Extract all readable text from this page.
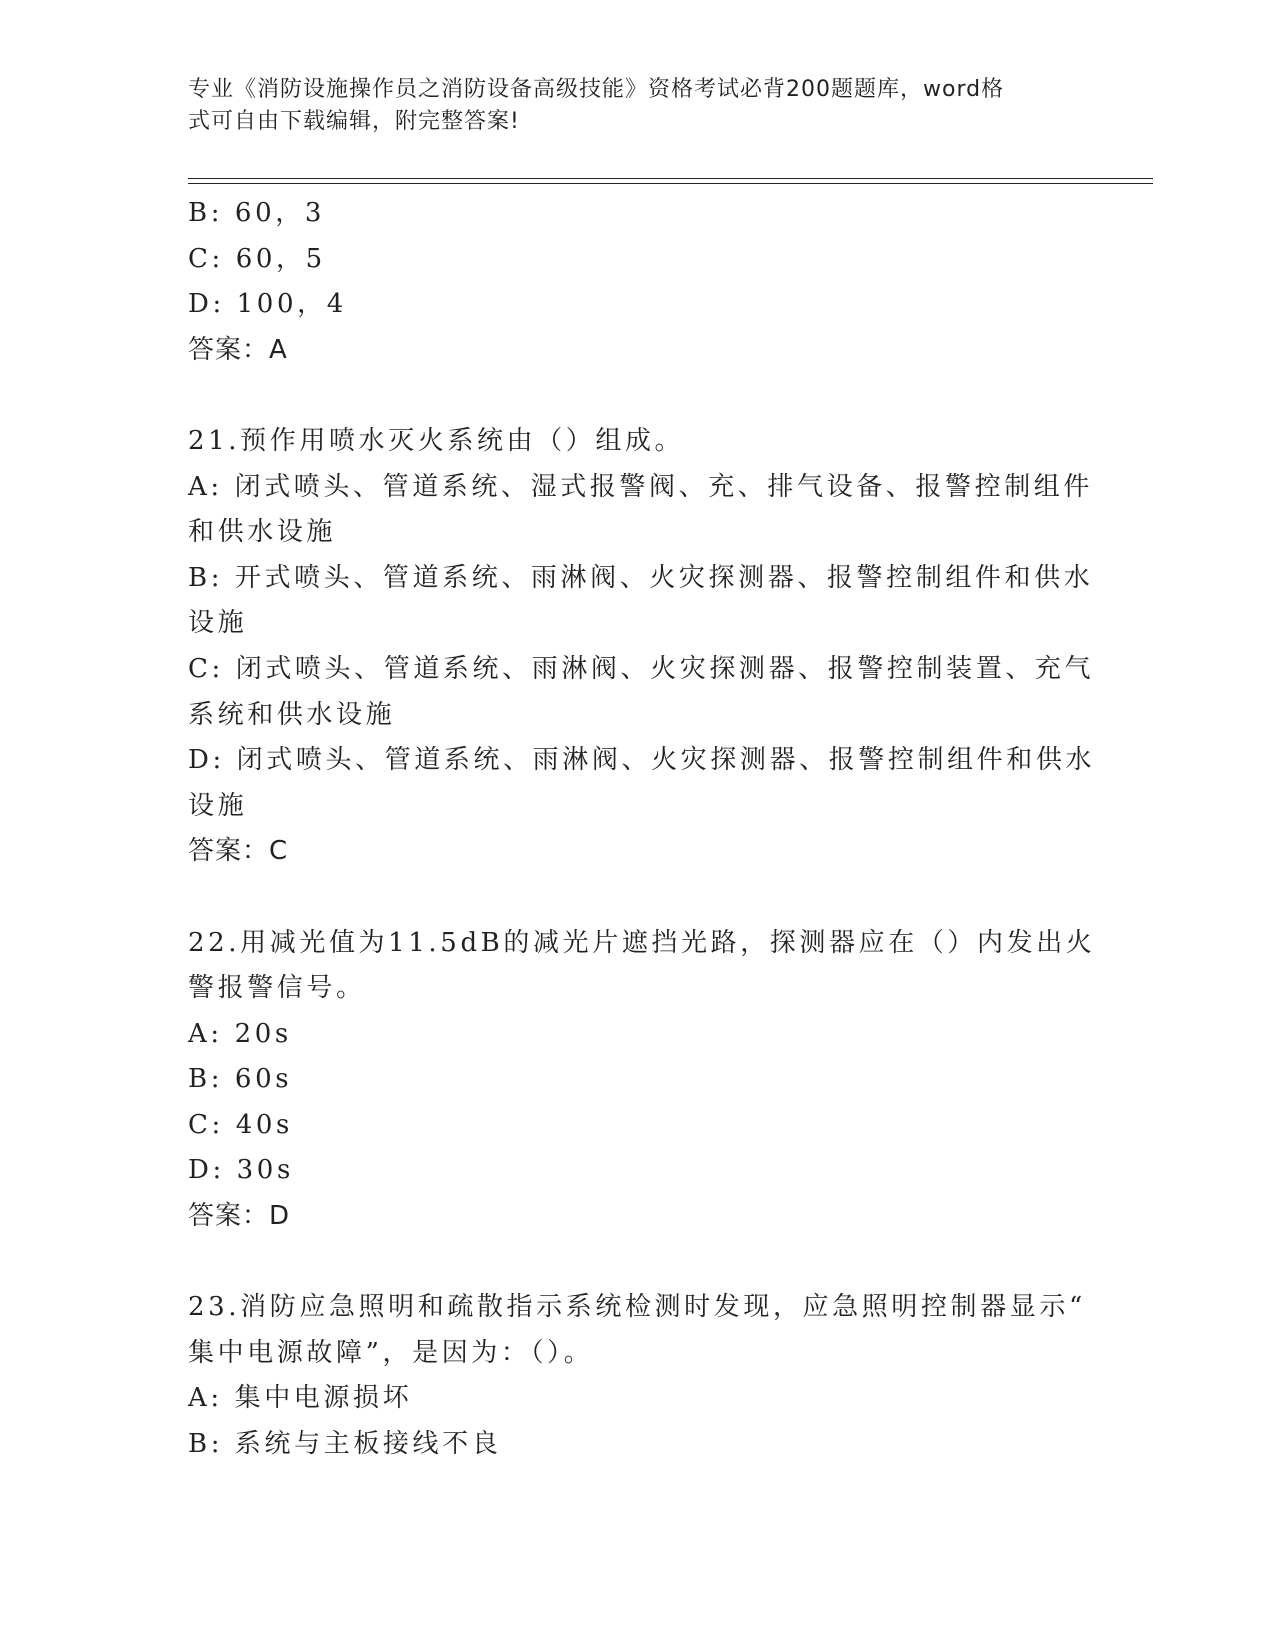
专业《消防设施操作员之消防设备高级技能》资格考试必背200题题库，word格
式可自由下载编辑，附完整答案!
B: 60，3
C: 60，5
D: 100，4
答案：A
21.预作用喷水灭火系统由（）组成。
A: 闭式喷头、管道系统、湿式报警阀、充、排气设备、报警控制组件
和供水设施
B: 开式喷头、管道系统、雨淋阀、火灾探测器、报警控制组件和供水
设施
C: 闭式喷头、管道系统、雨淋阀、火灾探测器、报警控制装置、充气
系统和供水设施
D: 闭式喷头、管道系统、雨淋阀、火灾探测器、报警控制组件和供水
设施
答案：C
22.用减光值为11.5dB的减光片遮挡光路，探测器应在（）内发出火
警报警信号。
A: 20s
B: 60s
C: 40s
D: 30s
答案：D
23.消防应急照明和疏散指示系统检测时发现，应急照明控制器显示“
集中电源故障”，是因为：（）。
A: 集中电源损坏
B: 系统与主板接线不良
